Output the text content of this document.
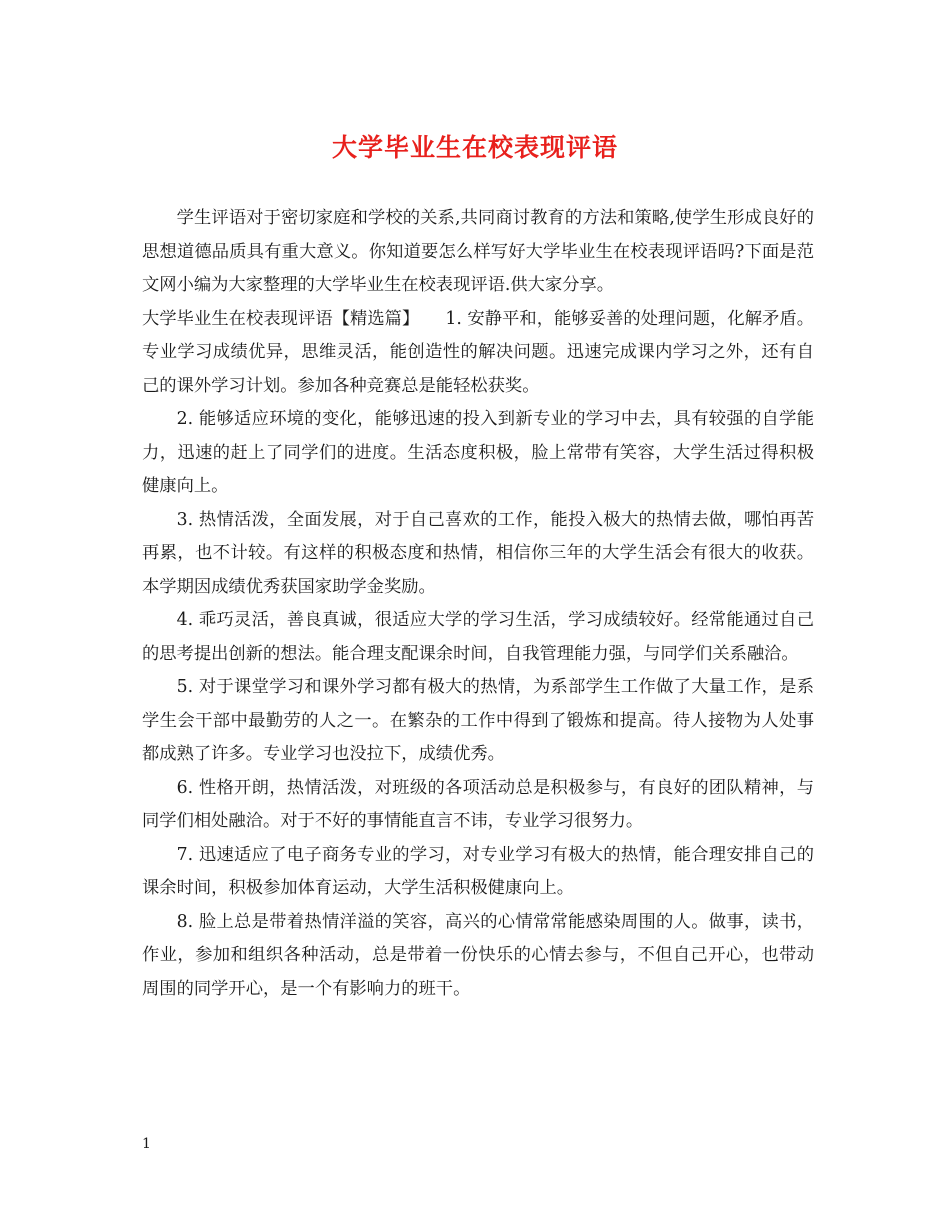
大学毕业生在校表现评语

学生评语对于密切家庭和学校的关系,共同商讨教育的方法和策略,使学生形成良好的思想道德品质具有重大意义。你知道要怎么样写好大学毕业生在校表现评语吗?下面是范文网小编为大家整理的大学毕业生在校表现评语.供大家分享。

大学毕业生在校表现评语【精选篇】　　1. 安静平和，能够妥善的处理问题，化解矛盾。专业学习成绩优异，思维灵活，能创造性的解决问题。迅速完成课内学习之外，还有自己的课外学习计划。参加各种竞赛总是能轻松获奖。

2. 能够适应环境的变化，能够迅速的投入到新专业的学习中去，具有较强的自学能力，迅速的赶上了同学们的进度。生活态度积极，脸上常带有笑容，大学生活过得积极健康向上。

3. 热情活泼，全面发展，对于自己喜欢的工作，能投入极大的热情去做，哪怕再苦再累，也不计较。有这样的积极态度和热情，相信你三年的大学生活会有很大的收获。本学期因成绩优秀获国家助学金奖励。

4. 乖巧灵活，善良真诚，很适应大学的学习生活，学习成绩较好。经常能通过自己的思考提出创新的想法。能合理支配课余时间，自我管理能力强，与同学们关系融洽。

5. 对于课堂学习和课外学习都有极大的热情，为系部学生工作做了大量工作，是系学生会干部中最勤劳的人之一。在繁杂的工作中得到了锻炼和提高。待人接物为人处事都成熟了许多。专业学习也没拉下，成绩优秀。

6. 性格开朗，热情活泼，对班级的各项活动总是积极参与，有良好的团队精神，与同学们相处融洽。对于不好的事情能直言不讳，专业学习很努力。

7. 迅速适应了电子商务专业的学习，对专业学习有极大的热情，能合理安排自己的课余时间，积极参加体育运动，大学生活积极健康向上。

8. 脸上总是带着热情洋溢的笑容，高兴的心情常常能感染周围的人。做事，读书，作业，参加和组织各种活动，总是带着一份快乐的心情去参与，不但自己开心，也带动周围的同学开心，是一个有影响力的班干。

1
